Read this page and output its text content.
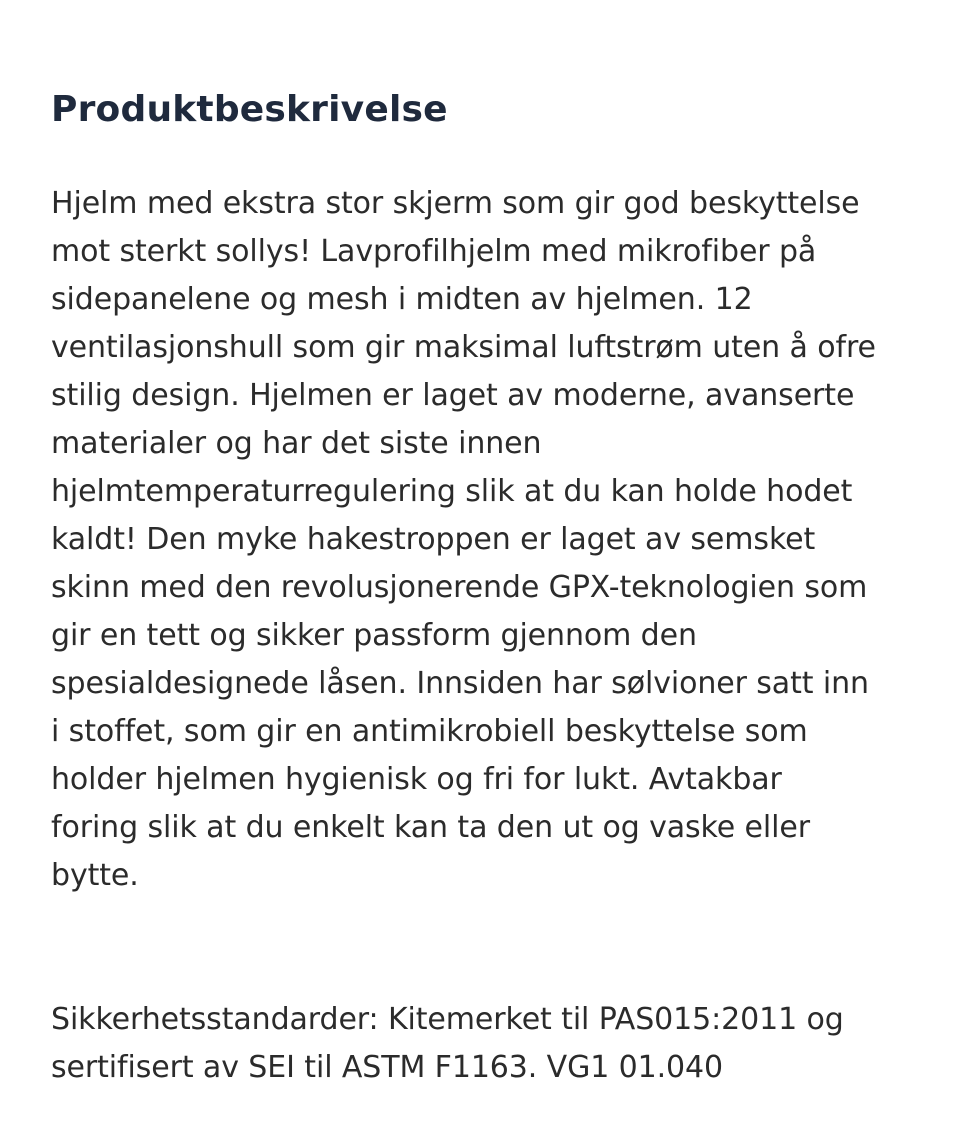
Produktbeskrivelse

Hjelm med ekstra stor skjerm som gir god beskyttelse
mot sterkt sollys! Lavprofilhjelm med mikrofiber på
sidepanelene og mesh i midten av hjelmen. 12
ventilasjonshull som gir maksimal luftstrøm uten å ofre
stilig design. Hjelmen er laget av moderne, avanserte
materialer og har det siste innen
hjelmtemperaturregulering slik at du kan holde hodet
kaldt! Den myke hakestroppen er laget av semsket
skinn med den revolusjonerende GPX-teknologien som
gir en tett og sikker passform gjennom den
spesialdesignede låsen. Innsiden har sølvioner satt inn
i stoffet, som gir en antimikrobiell beskyttelse som
holder hjelmen hygienisk og fri for lukt. Avtakbar
foring slik at du enkelt kan ta den ut og vaske eller
bytte.

Sikkerhetsstandarder: Kitemerket til PAS015:2011 og
sertifisert av SEI til ASTM F1163. VG1 01.040
